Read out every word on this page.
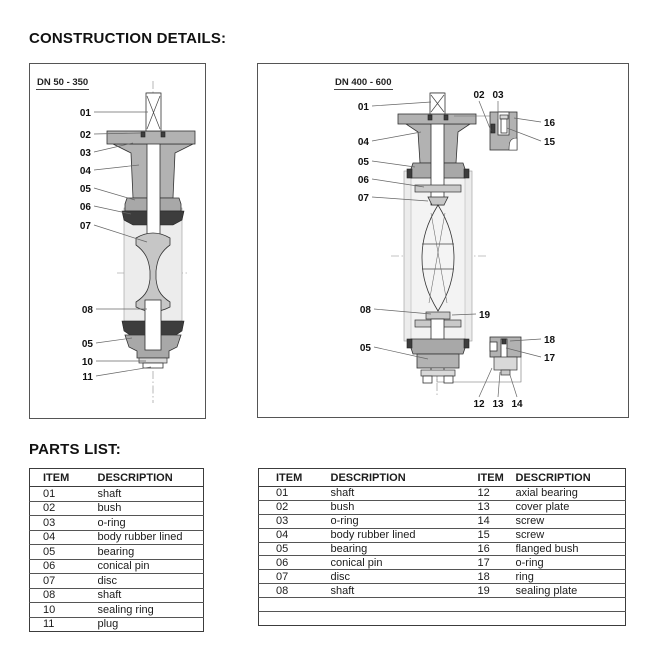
CONSTRUCTION DETAILS:
01
02
03
04
05
06
07
08
05
10
11
DN 50 - 350
01
04
05
06
07
08	19
05
18
17
02 03
16
15
12 13 14
DN 400 - 600
PARTS LIST:
ITEM	DESCRIPTION
01	shaft
02	bush
03	o-ring
04	body rubber lined
05	bearing
06	conical pin
07	disc
08	shaft
10	sealing ring
11	plug
ITEM	DESCRIPTION	ITEM	DESCRIPTION
01	shaft	12	axial bearing
02	bush	13	cover plate
03	o-ring	14	screw
04	body rubber lined	15	screw
05	bearing	16	flanged bush
06	conical pin	17	o-ring
07	disc	18	ring
08	shaft	19	sealing plate
